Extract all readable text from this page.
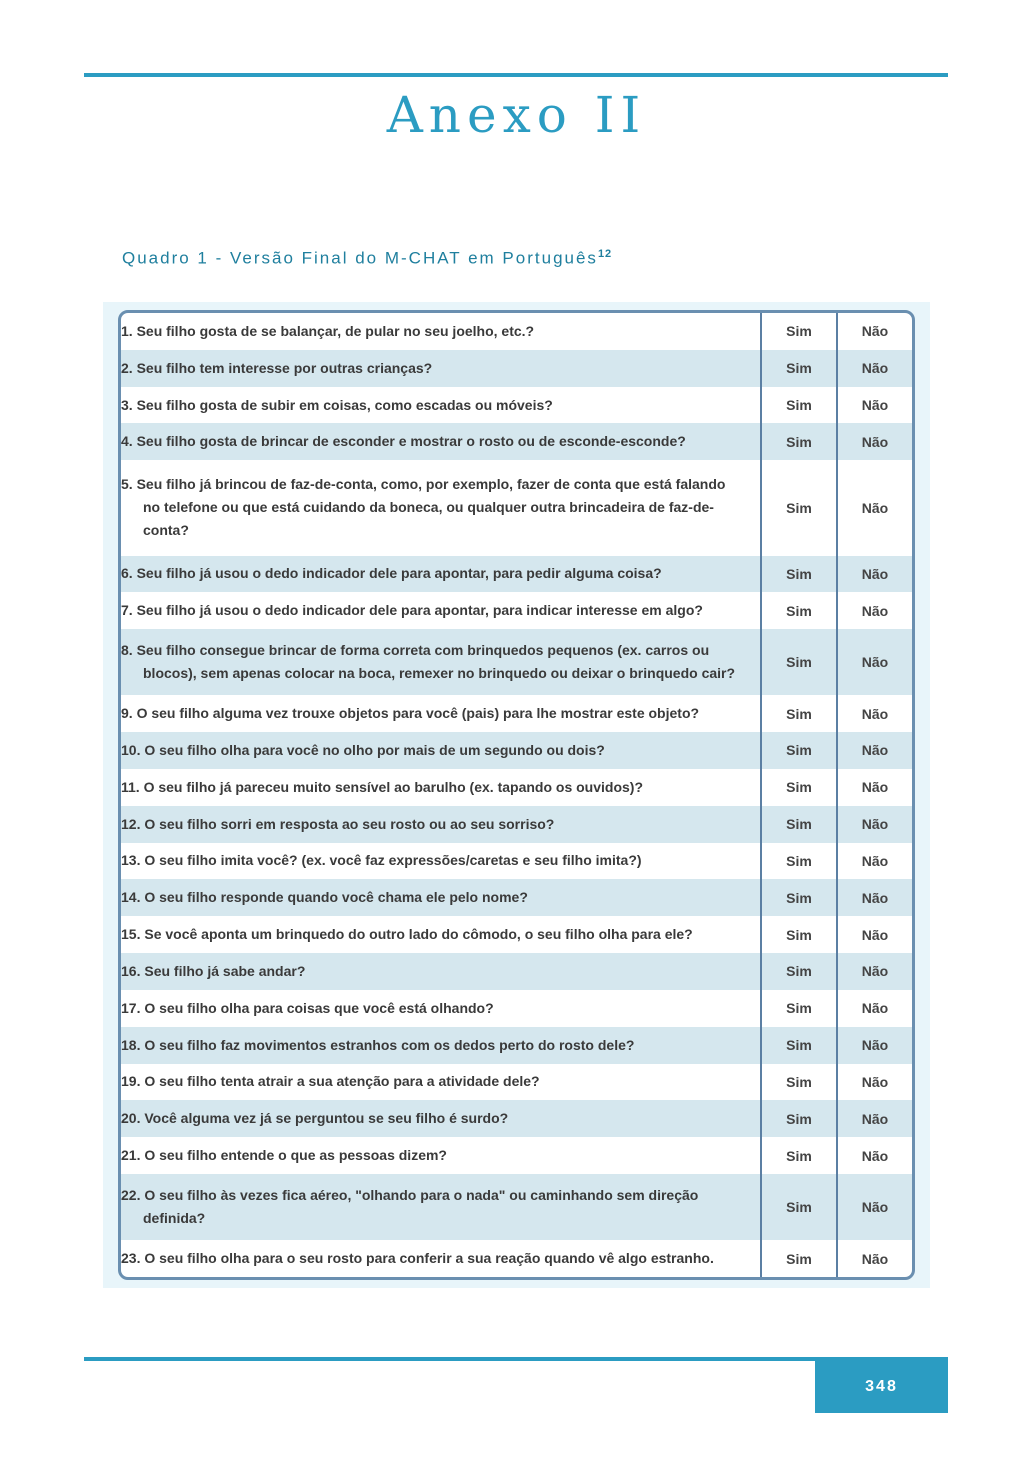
Anexo II
Quadro 1 - Versão Final do M-CHAT em Português$^{12}$
1. Seu filho gosta de se balançar, de pular no seu joelho, etc.?	Sim	Não
2. Seu filho tem interesse por outras crianças?	Sim	Não
3. Seu filho gosta de subir em coisas, como escadas ou móveis?	Sim	Não
4. Seu filho gosta de brincar de esconder e mostrar o rosto ou de esconde-esconde?	Sim	Não
5. Seu filho já brincou de faz-de-conta, como, por exemplo, fazer de conta que está falando no telefone ou que está cuidando da boneca, ou qualquer outra brincadeira de faz-de-conta?	Sim	Não
6. Seu filho já usou o dedo indicador dele para apontar, para pedir alguma coisa?	Sim	Não
7. Seu filho já usou o dedo indicador dele para apontar, para indicar interesse em algo?	Sim	Não
8. Seu filho consegue brincar de forma correta com brinquedos pequenos (ex. carros ou blocos), sem apenas colocar na boca, remexer no brinquedo ou deixar o brinquedo cair?	Sim	Não
9. O seu filho alguma vez trouxe objetos para você (pais) para lhe mostrar este objeto?	Sim	Não
10. O seu filho olha para você no olho por mais de um segundo ou dois?	Sim	Não
11. O seu filho já pareceu muito sensível ao barulho (ex. tapando os ouvidos)?	Sim	Não
12. O seu filho sorri em resposta ao seu rosto ou ao seu sorriso?	Sim	Não
13. O seu filho imita você? (ex. você faz expressões/caretas e seu filho imita?)	Sim	Não
14. O seu filho responde quando você chama ele pelo nome?	Sim	Não
15. Se você aponta um brinquedo do outro lado do cômodo, o seu filho olha para ele?	Sim	Não
16. Seu filho já sabe andar?	Sim	Não
17. O seu filho olha para coisas que você está olhando?	Sim	Não
18. O seu filho faz movimentos estranhos com os dedos perto do rosto dele?	Sim	Não
19. O seu filho tenta atrair a sua atenção para a atividade dele?	Sim	Não
20. Você alguma vez já se perguntou se seu filho é surdo?	Sim	Não
21. O seu filho entende o que as pessoas dizem?	Sim	Não
22. O seu filho às vezes fica aéreo, "olhando para o nada" ou caminhando sem direção definida?	Sim	Não
23. O seu filho olha para o seu rosto para conferir a sua reação quando vê algo estranho.	Sim	Não
348
